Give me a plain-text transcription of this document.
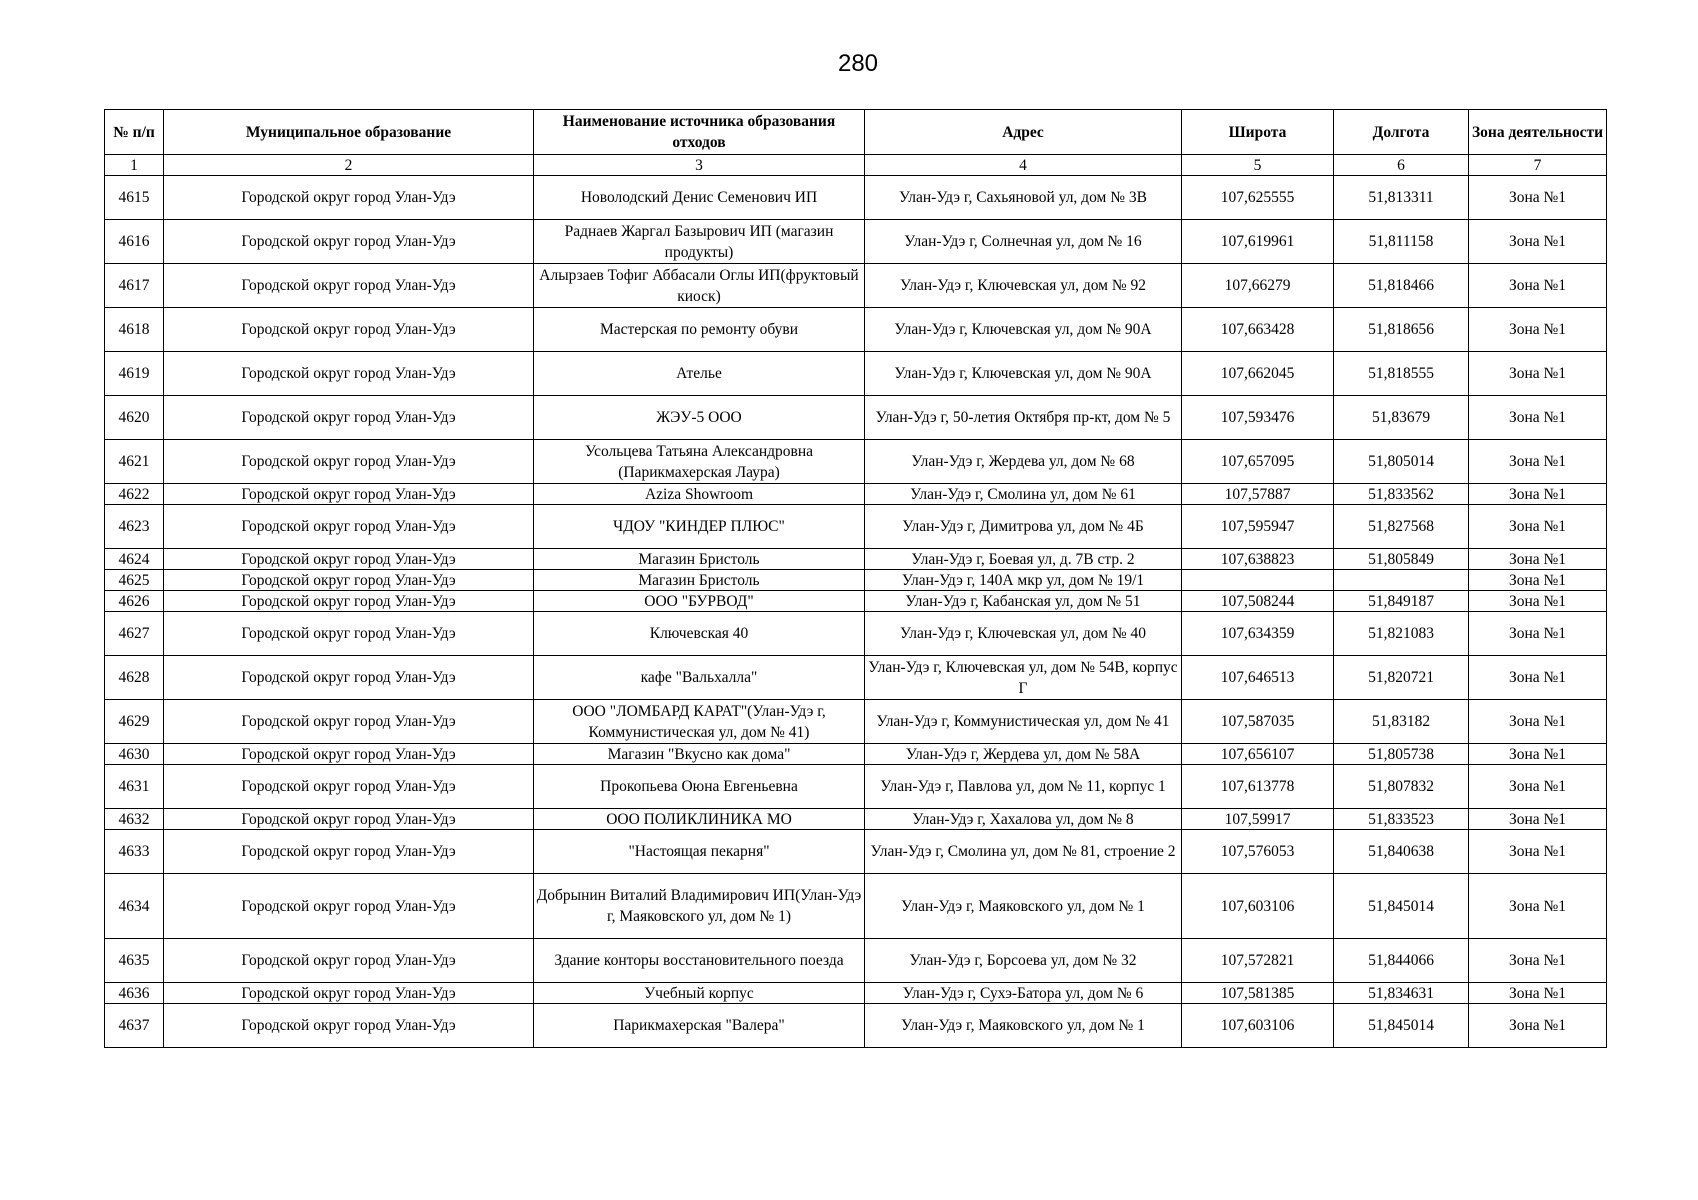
280
№ п/п	Муниципальное образование	Наименование источника образования отходов	Адрес	Широта	Долгота	Зона деятельности
1	2	3	4	5	6	7
4615	Городской округ город Улан-Удэ	Новолодский Денис Семенович ИП	Улан-Удэ г, Сахьяновой ул, дом № 3В	107,625555	51,813311	Зона №1
4616	Городской округ город Улан-Удэ	Раднаев Жаргал Базырович ИП (магазин продукты)	Улан-Удэ г, Солнечная ул, дом № 16	107,619961	51,811158	Зона №1
4617	Городской округ город Улан-Удэ	Алырзаев Тофиг Аббасали Оглы ИП(фруктовый киоск)	Улан-Удэ г, Ключевская ул, дом № 92	107,66279	51,818466	Зона №1
4618	Городской округ город Улан-Удэ	Мастерская по ремонту обуви	Улан-Удэ г, Ключевская ул, дом № 90А	107,663428	51,818656	Зона №1
4619	Городской округ город Улан-Удэ	Ателье	Улан-Удэ г, Ключевская ул, дом № 90А	107,662045	51,818555	Зона №1
4620	Городской округ город Улан-Удэ	ЖЭУ-5 ООО	Улан-Удэ г, 50-летия Октября пр-кт, дом № 5	107,593476	51,83679	Зона №1
4621	Городской округ город Улан-Удэ	Усольцева Татьяна Александровна (Парикмахерская Лаура)	Улан-Удэ г, Жердева ул, дом № 68	107,657095	51,805014	Зона №1
4622	Городской округ город Улан-Удэ	Aziza Showroom	Улан-Удэ г, Смолина ул, дом № 61	107,57887	51,833562	Зона №1
4623	Городской округ город Улан-Удэ	ЧДОУ "КИНДЕР ПЛЮС"	Улан-Удэ г, Димитрова ул, дом № 4Б	107,595947	51,827568	Зона №1
4624	Городской округ город Улан-Удэ	Магазин Бристоль	Улан-Удэ г, Боевая ул, д. 7В стр. 2	107,638823	51,805849	Зона №1
4625	Городской округ город Улан-Удэ	Магазин Бристоль	Улан-Удэ г, 140А мкр ул, дом № 19/1			Зона №1
4626	Городской округ город Улан-Удэ	ООО "БУРВОД"	Улан-Удэ г, Кабанская ул, дом № 51	107,508244	51,849187	Зона №1
4627	Городской округ город Улан-Удэ	Ключевская 40	Улан-Удэ г, Ключевская ул, дом № 40	107,634359	51,821083	Зона №1
4628	Городской округ город Улан-Удэ	кафе "Вальхалла"	Улан-Удэ г, Ключевская ул, дом № 54В, корпус Г	107,646513	51,820721	Зона №1
4629	Городской округ город Улан-Удэ	ООО "ЛОМБАРД КАРАТ"(Улан-Удэ г, Коммунистическая ул, дом № 41)	Улан-Удэ г, Коммунистическая ул, дом № 41	107,587035	51,83182	Зона №1
4630	Городской округ город Улан-Удэ	Магазин "Вкусно как дома"	Улан-Удэ г, Жердева ул, дом № 58А	107,656107	51,805738	Зона №1
4631	Городской округ город Улан-Удэ	Прокопьева Оюна Евгеньевна	Улан-Удэ г, Павлова ул, дом № 11, корпус 1	107,613778	51,807832	Зона №1
4632	Городской округ город Улан-Удэ	ООО ПОЛИКЛИНИКА МО	Улан-Удэ г, Хахалова ул, дом № 8	107,59917	51,833523	Зона №1
4633	Городской округ город Улан-Удэ	"Настоящая пекарня"	Улан-Удэ г, Смолина ул, дом № 81, строение 2	107,576053	51,840638	Зона №1
4634	Городской округ город Улан-Удэ	Добрынин Виталий Владимирович ИП(Улан-Удэ г, Маяковского ул, дом № 1)	Улан-Удэ г, Маяковского ул, дом № 1	107,603106	51,845014	Зона №1
4635	Городской округ город Улан-Удэ	Здание конторы восстановительного поезда	Улан-Удэ г, Борсоева ул, дом № 32	107,572821	51,844066	Зона №1
4636	Городской округ город Улан-Удэ	Учебный корпус	Улан-Удэ г, Сухэ-Батора ул, дом № 6	107,581385	51,834631	Зона №1
4637	Городской округ город Улан-Удэ	Парикмахерская "Валера"	Улан-Удэ г, Маяковского ул, дом № 1	107,603106	51,845014	Зона №1
